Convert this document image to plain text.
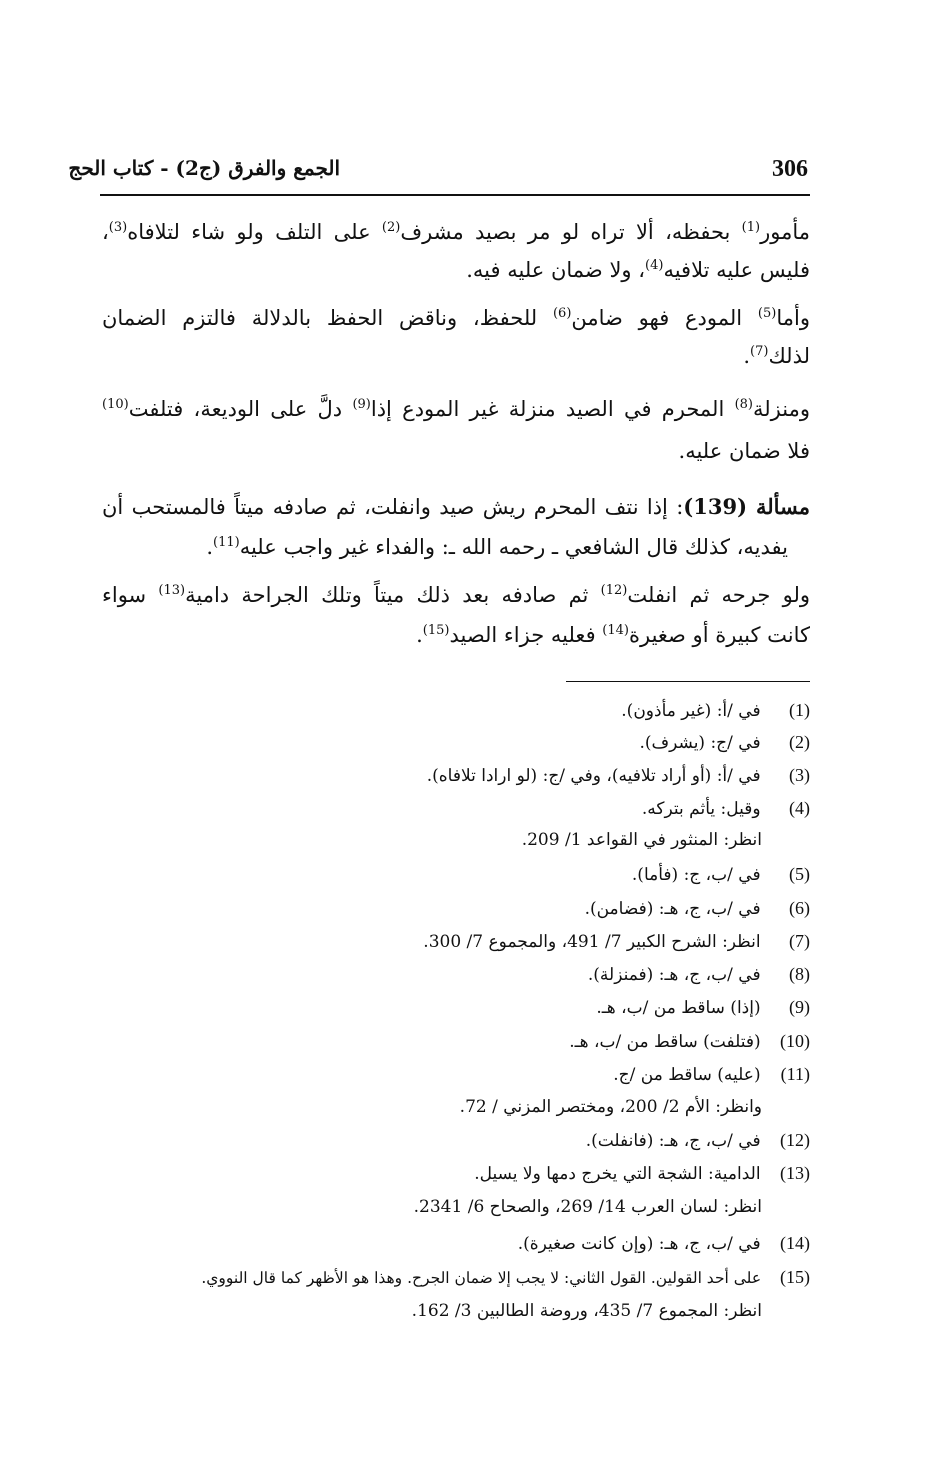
306
الجمع والفرق (ج2) - كتاب الحج
مأمور$^{(1)}$ بحفظه، ألا تراه لو مر بصيد مشرف$^{(2)}$ على التلف ولو شاء لتلافاه$^{(3)}$،
فليس عليه تلافيه$^{(4)}$، ولا ضمان عليه فيه.
وأما$^{(5)}$ المودع فهو ضامن$^{(6)}$ للحفظ، وناقض الحفظ بالدلالة فالتزم الضمان
لذلك$^{(7)}$.
ومنزلة$^{(8)}$ المحرم في الصيد منزلة غير المودع إذا$^{(9)}$ دلَّ على الوديعة، فتلفت$^{(10)}$
فلا ضمان عليه.
مسألة (139): إذا نتف المحرم ريش صيد وانفلت، ثم صادفه ميتاً فالمستحب أن
يفديه، كذلك قال الشافعي ـ رحمه الله ـ: والفداء غير واجب عليه$^{(11)}$.
ولو جرحه ثم انفلت$^{(12)}$ ثم صادفه بعد ذلك ميتاً وتلك الجراحة دامية$^{(13)}$ سواء
كانت كبيرة أو صغيرة$^{(14)}$ فعليه جزاء الصيد$^{(15)}$.
(1) في /أ: (غير مأذون).
(2) في /ج: (يشرف).
(3) في /أ: (أو أراد تلافيه)، وفي /ج: (لو ارادا تلافاه).
(4) وقيل: يأثم بتركه.
انظر: المنثور في القواعد 1/ 209.
(5) في /ب، ج: (فأما).
(6) في /ب، ج، هـ: (فضامن).
(7) انظر: الشرح الكبير 7/ 491، والمجموع 7/ 300.
(8) في /ب، ج، هـ: (فمنزلة).
(9) (إذا) ساقط من /ب، هـ.
(10) (فتلفت) ساقط من /ب، هـ.
(11) (عليه) ساقط من /ج.
وانظر: الأم 2/ 200، ومختصر المزني / 72.
(12) في /ب، ج، هـ: (فانفلت).
(13) الدامية: الشجة التي يخرج دمها ولا يسيل.
انظر: لسان العرب 14/ 269، والصحاح 6/ 2341.
(14) في /ب، ج، هـ: (وإن كانت صغيرة).
(15) على أحد القولين. القول الثاني: لا يجب إلا ضمان الجرح. وهذا هو الأظهر كما قال النووي.
انظر: المجموع 7/ 435، وروضة الطالبين 3/ 162.
